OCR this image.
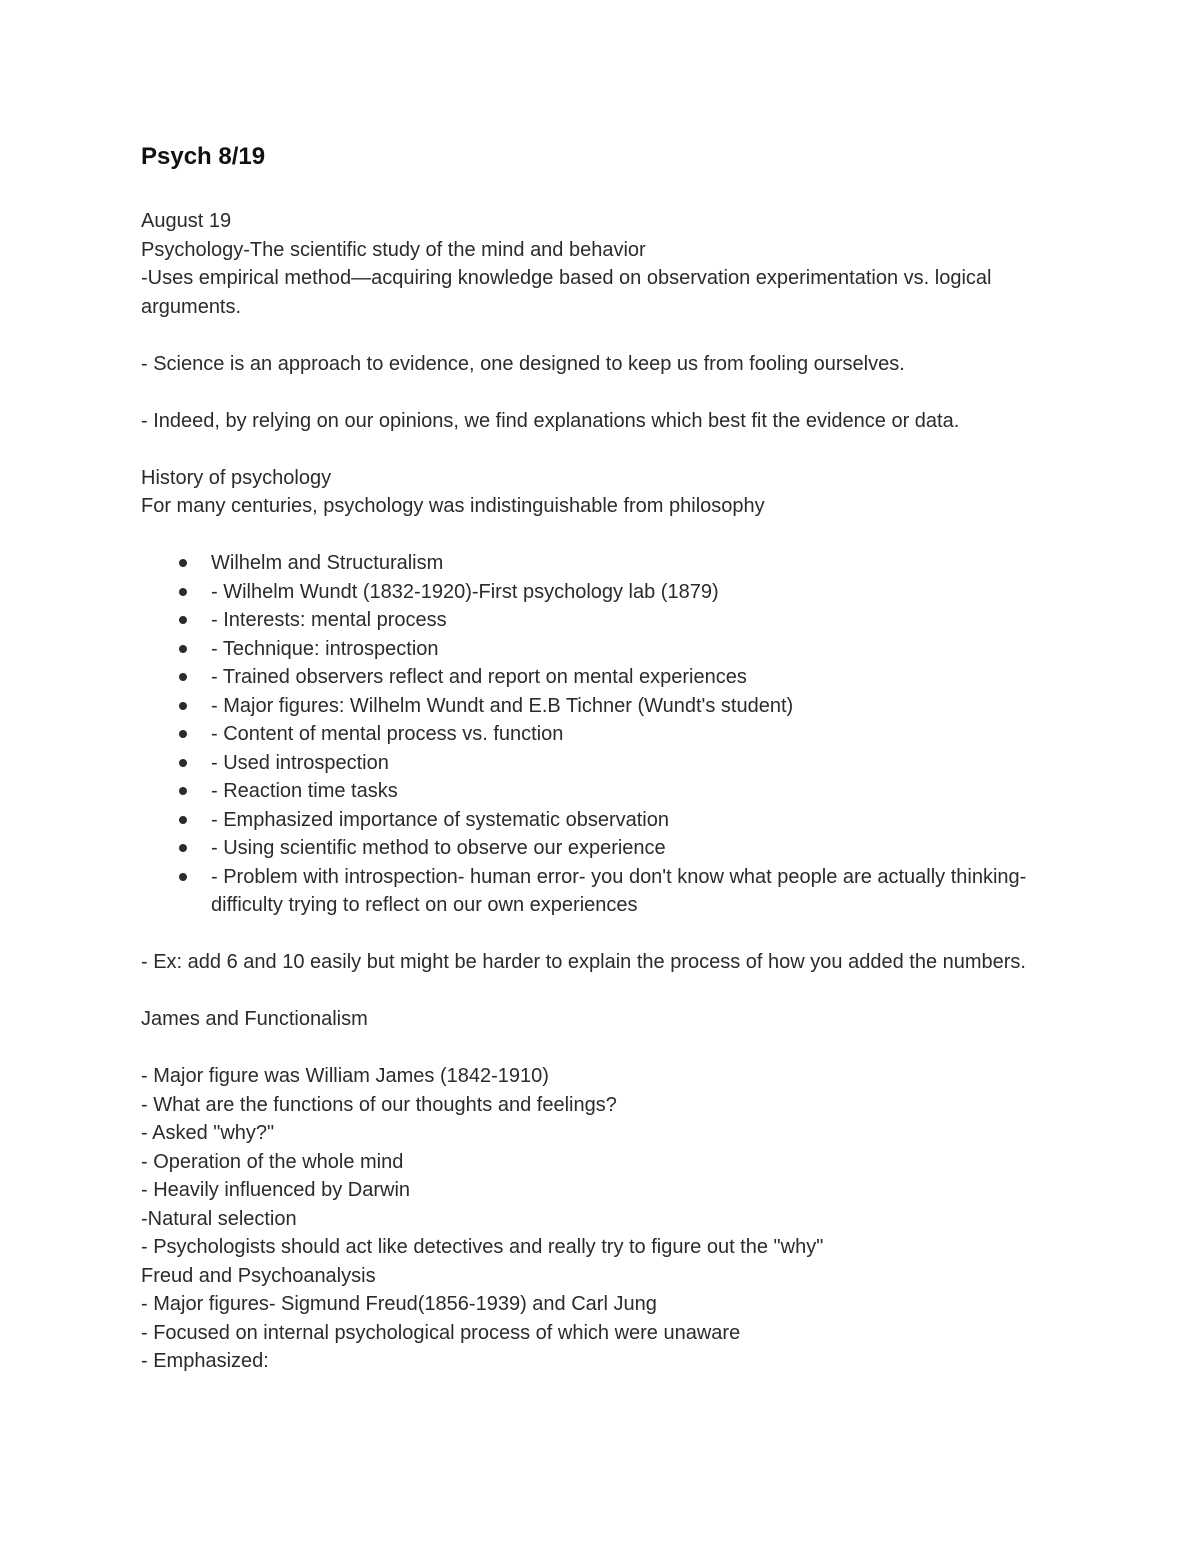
Psych 8/19
August 19
Psychology-The scientific study of the mind and behavior
-Uses empirical method—acquiring knowledge based on observation experimentation vs. logical arguments.
- Science is an approach to evidence, one designed to keep us from fooling ourselves.
- Indeed, by relying on our opinions, we find explanations which best fit the evidence or data.
History of psychology
For many centuries, psychology was indistinguishable from philosophy
Wilhelm and Structuralism
- Wilhelm Wundt (1832-1920)-First psychology lab (1879)
- Interests: mental process
- Technique: introspection
- Trained observers reflect and report on mental experiences
- Major figures: Wilhelm Wundt and E.B Tichner (Wundt's student)
- Content of mental process vs. function
- Used introspection
- Reaction time tasks
- Emphasized importance of systematic observation
- Using scientific method to observe our experience
- Problem with introspection- human error- you don't know what people are actually thinking- difficulty trying to reflect on our own experiences
- Ex: add 6 and 10 easily but might be harder to explain the process of how you added the numbers.
James and Functionalism
- Major figure was William James (1842-1910)
- What are the functions of our thoughts and feelings?
- Asked "why?"
- Operation of the whole mind
- Heavily influenced by Darwin
-Natural selection
- Psychologists should act like detectives and really try to figure out the "why"
Freud and Psychoanalysis
- Major figures- Sigmund Freud(1856-1939) and Carl Jung
- Focused on internal psychological process of which were unaware
- Emphasized:
